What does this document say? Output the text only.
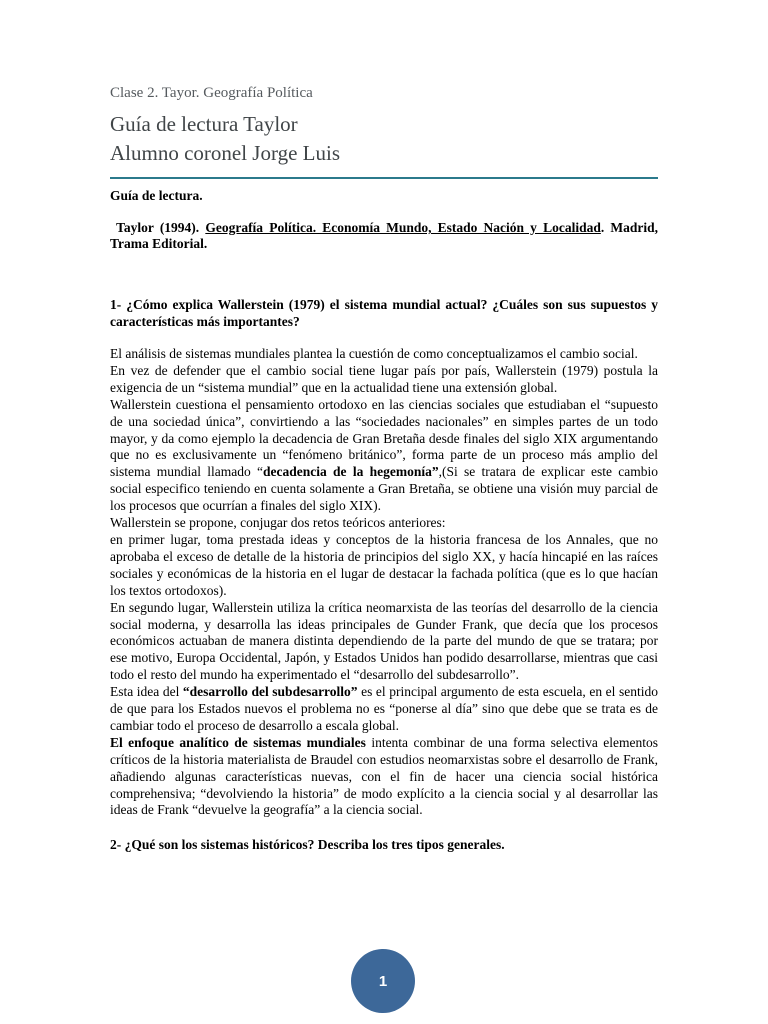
Clase 2. Tayor. Geografía Política

Guía de lectura Taylor

Alumno coronel Jorge Luis

Guía de lectura.

Taylor (1994). Geografía Política. Economía Mundo, Estado Nación y Localidad. Madrid, Trama Editorial.

1- ¿Cómo explica Wallerstein (1979) el sistema mundial actual? ¿Cuáles son sus supuestos y características más importantes?

El análisis de sistemas mundiales plantea la cuestión de como conceptualizamos el cambio social.

En vez de defender que el cambio social tiene lugar país por país, Wallerstein (1979) postula la exigencia de un “sistema mundial” que en la actualidad tiene una extensión global.

Wallerstein cuestiona el pensamiento ortodoxo en las ciencias sociales que estudiaban el “supuesto de una sociedad única”, convirtiendo a las “sociedades nacionales” en simples partes de un todo mayor, y da como ejemplo la decadencia de Gran Bretaña desde finales del siglo XIX argumentando que no es exclusivamente un “fenómeno británico”, forma parte de un proceso más amplio del sistema mundial llamado “decadencia de la hegemonía”,(Si se tratara de explicar este cambio social especifico teniendo en cuenta solamente a Gran Bretaña, se obtiene una visión muy parcial de los procesos que ocurrían a finales del siglo XIX).

Wallerstein se propone, conjugar dos retos teóricos anteriores:

en primer lugar, toma prestada ideas y conceptos de la historia francesa de los Annales, que no aprobaba el exceso de detalle de la historia de principios del siglo XX, y hacía hincapié en las raíces sociales y económicas de la historia en el lugar de destacar la fachada política (que es lo que hacían los textos ortodoxos).

En segundo lugar, Wallerstein utiliza la crítica neomarxista de las teorías del desarrollo de la ciencia social moderna, y desarrolla las ideas principales de Gunder Frank, que decía que los procesos económicos actuaban de manera distinta dependiendo de la parte del mundo de que se tratara; por ese motivo, Europa Occidental, Japón, y Estados Unidos han podido desarrollarse, mientras que casi todo el resto del mundo ha experimentado el “desarrollo del subdesarrollo”.

Esta idea del “desarrollo del subdesarrollo” es el principal argumento de esta escuela, en el sentido de que para los Estados nuevos el problema no es “ponerse al día” sino que debe que se trata es de cambiar todo el proceso de desarrollo a escala global.

El enfoque analítico de sistemas mundiales intenta combinar de una forma selectiva elementos críticos de la historia materialista de Braudel con estudios neomarxistas sobre el desarrollo de Frank, añadiendo algunas características nuevas, con el fin de hacer una ciencia social histórica comprehensiva; “devolviendo la historia” de modo explícito a la ciencia social y al desarrollar las ideas de Frank “devuelve la geografía” a la ciencia social.

2- ¿Qué son los sistemas históricos? Describa los tres tipos generales.

1
